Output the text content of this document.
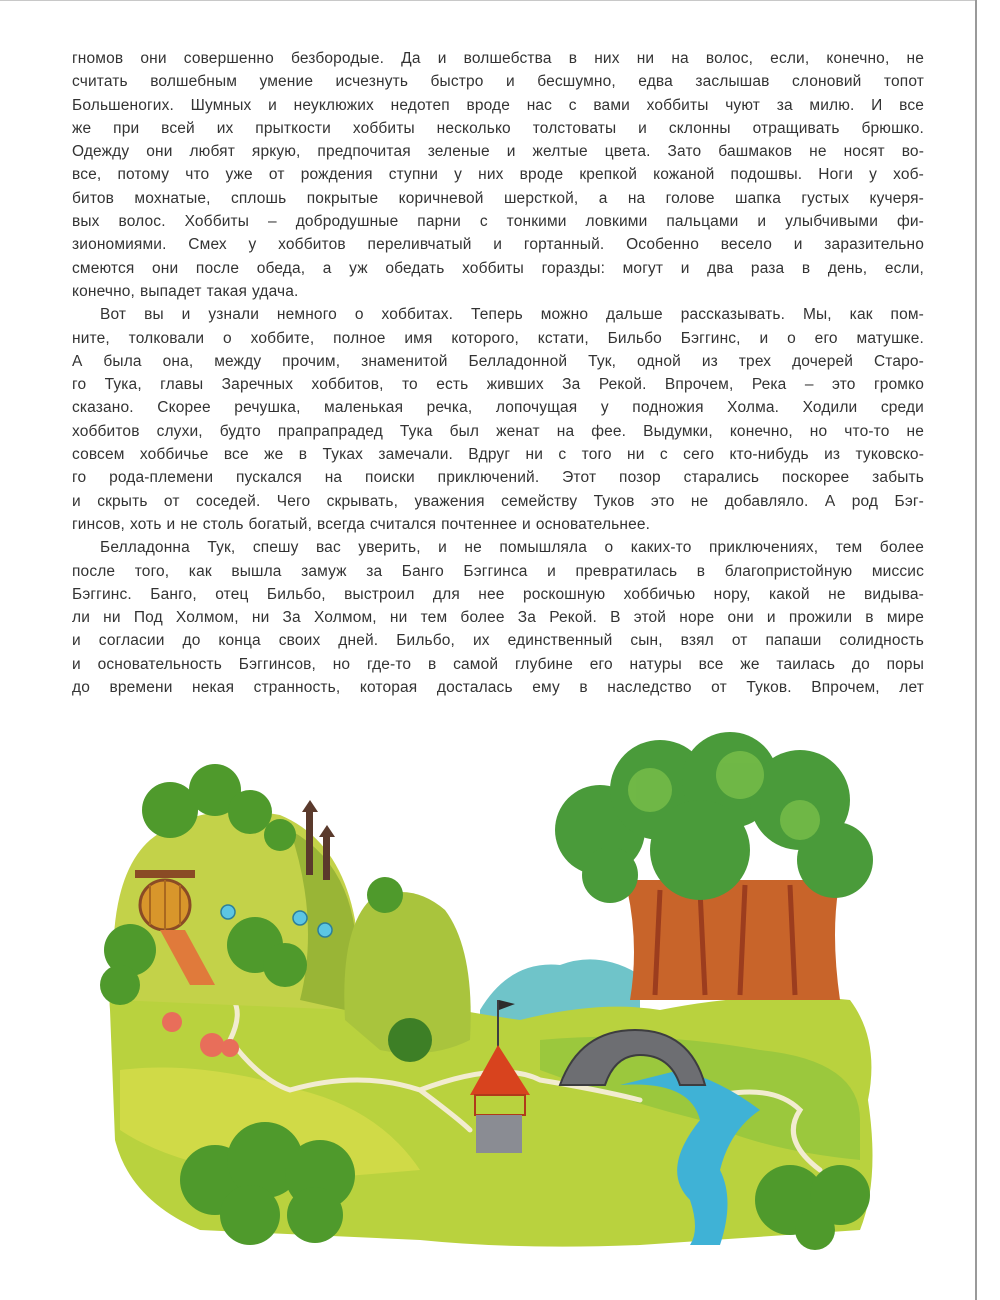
гномов они совершенно безбородые. Да и волшебства в них ни на волос, если, конечно, не
считать волшебным умение исчезнуть быстро и бесшумно, едва заслышав слоновий топот
Большеногих. Шумных и неуклюжих недотеп вроде нас с вами хоббиты чуют за милю. И все
же при всей их прыткости хоббиты несколько толстоваты и склонны отращивать брюшко.
Одежду они любят яркую, предпочитая зеленые и желтые цвета. Зато башмаков не носят во-
все, потому что уже от рождения ступни у них вроде крепкой кожаной подошвы. Ноги у хоб-
битов мохнатые, сплошь покрытые коричневой шерсткой, а на голове шапка густых кучеря-
вых волос. Хоббиты – добродушные парни с тонкими ловкими пальцами и улыбчивыми фи-
зиономиями. Смех у хоббитов переливчатый и гортанный. Особенно весело и заразительно
смеются они после обеда, а уж обедать хоббиты горазды: могут и два раза в день, если,
конечно, выпадет такая удача.
Вот вы и узнали немного о хоббитах. Теперь можно дальше рассказывать. Мы, как пом-
ните, толковали о хоббите, полное имя которого, кстати, Бильбо Бэггинс, и о его матушке.
А была она, между прочим, знаменитой Белладонной Тук, одной из трех дочерей Старо-
го Тука, главы Заречных хоббитов, то есть живших За Рекой. Впрочем, Река – это громко
сказано. Скорее речушка, маленькая речка, лопочущая у подножия Холма. Ходили среди
хоббитов слухи, будто прапрапрадед Тука был женат на фее. Выдумки, конечно, но что-то не
совсем хоббичье все же в Туках замечали. Вдруг ни с того ни с сего кто-нибудь из туковско-
го рода-племени пускался на поиски приключений. Этот позор старались поскорее забыть
и скрыть от соседей. Чего скрывать, уважения семейству Туков это не добавляло. А род Бэг-
гинсов, хоть и не столь богатый, всегда считался почтеннее и основательнее.
Белладонна Тук, спешу вас уверить, и не помышляла о каких-то приключениях, тем более
после того, как вышла замуж за Банго Бэггинса и превратилась в благопристойную миссис
Бэггинс. Банго, отец Бильбо, выстроил для нее роскошную хоббичью нору, какой не видыва-
ли ни Под Холмом, ни За Холмом, ни тем более За Рекой. В этой норе они и прожили в мире
и согласии до конца своих дней. Бильбо, их единственный сын, взял от папаши солидность
и основательность Бэггинсов, но где-то в самой глубине его натуры все же таилась до поры
до времени некая странность, которая досталась ему в наследство от Туков. Впрочем, лет
